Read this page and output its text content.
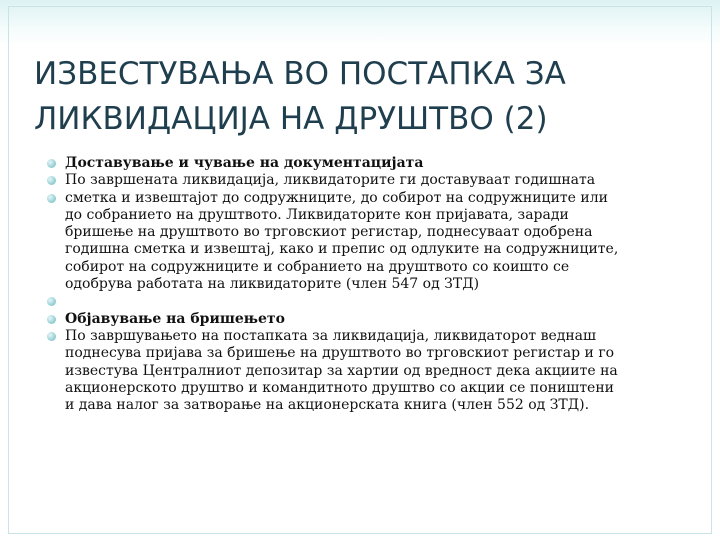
ИЗВЕСТУВАЊА ВО ПОСТАПКА ЗА
ЛИКВИДАЦИЈА НА ДРУШТВО (2)
Доставување и чување на документацијата
По завршената ликвидација, ликвидаторите ги доставуваат годишната
сметка и извештајот до содружниците, до собирот на содружниците или
до собранието на друштвото. Ликвидаторите кон пријавата, заради
бришење на друштвото во трговскиот регистар, поднесуваат одобрена
годишна сметка и извештај, како и препис од одлуките на содружниците,
собирот на содружниците и собранието на друштвото со коишто се
одобрува работата на ликвидаторите (член 547 од ЗТД)
Објавување на бришењето
По завршувањето на постапката за ликвидација, ликвидаторот веднаш
поднесува пријава за бришење на друштвото во трговскиот регистар и го
известува Централниот депозитар за хартии од вредност дека акциите на
акционерското друштво и командитното друштво со акции се поништени
и дава налог за затворање на акционерската книга (член 552 од ЗТД).
